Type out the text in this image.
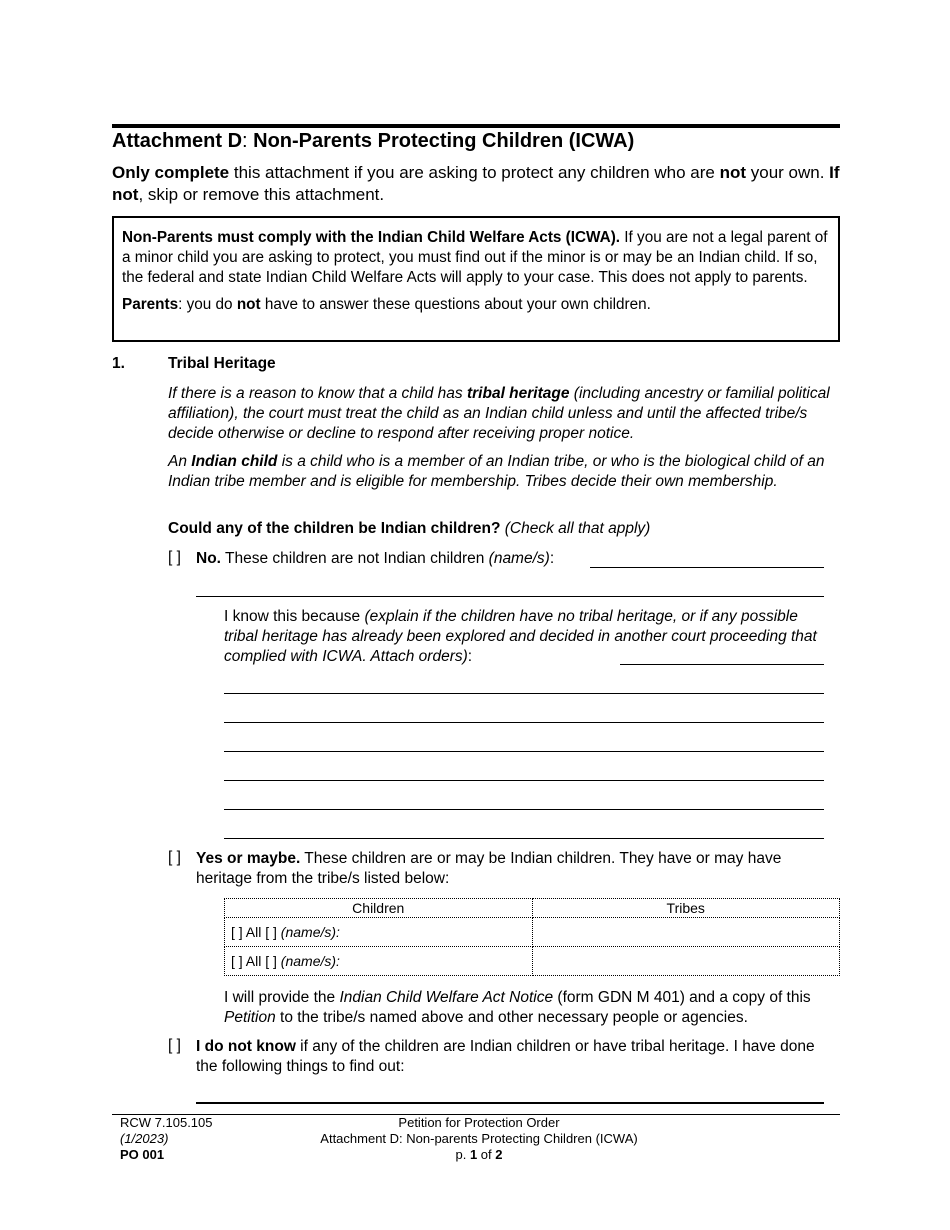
Attachment D: Non-Parents Protecting Children (ICWA)
Only complete this attachment if you are asking to protect any children who are not your own. If not, skip or remove this attachment.

Non-Parents must comply with the Indian Child Welfare Acts (ICWA). If you are not a legal parent of a minor child you are asking to protect, you must find out if the minor is or may be an Indian child. If so, the federal and state Indian Child Welfare Acts will apply to your case. This does not apply to parents.

Parents: you do not have to answer these questions about your own children.

1.	Tribal Heritage
If there is a reason to know that a child has tribal heritage (including ancestry or familial political affiliation), the court must treat the child as an Indian child unless and until the affected tribe/s decide otherwise or decline to respond after receiving proper notice.
An Indian child is a child who is a member of an Indian tribe, or who is the biological child of an Indian tribe member and is eligible for membership. Tribes decide their own membership.
Could any of the children be Indian children? (Check all that apply)
[ ] No. These children are not Indian children (name/s):
I know this because (explain if the children have no tribal heritage, or if any possible tribal heritage has already been explored and decided in another court proceeding that complied with ICWA. Attach orders):
[ ] Yes or maybe. These children are or may be Indian children. They have or may have heritage from the tribe/s listed below:
Children	Tribes
[ ] All [ ] (name/s):	
[ ] All [ ] (name/s):	
I will provide the Indian Child Welfare Act Notice (form GDN M 401) and a copy of this Petition to the tribe/s named above and other necessary people or agencies.
[ ] I do not know if any of the children are Indian children or have tribal heritage. I have done the following things to find out:
RCW 7.105.105
(1/2023)
PO 001
Petition for Protection Order
Attachment D: Non-parents Protecting Children (ICWA)
p. 1 of 2
